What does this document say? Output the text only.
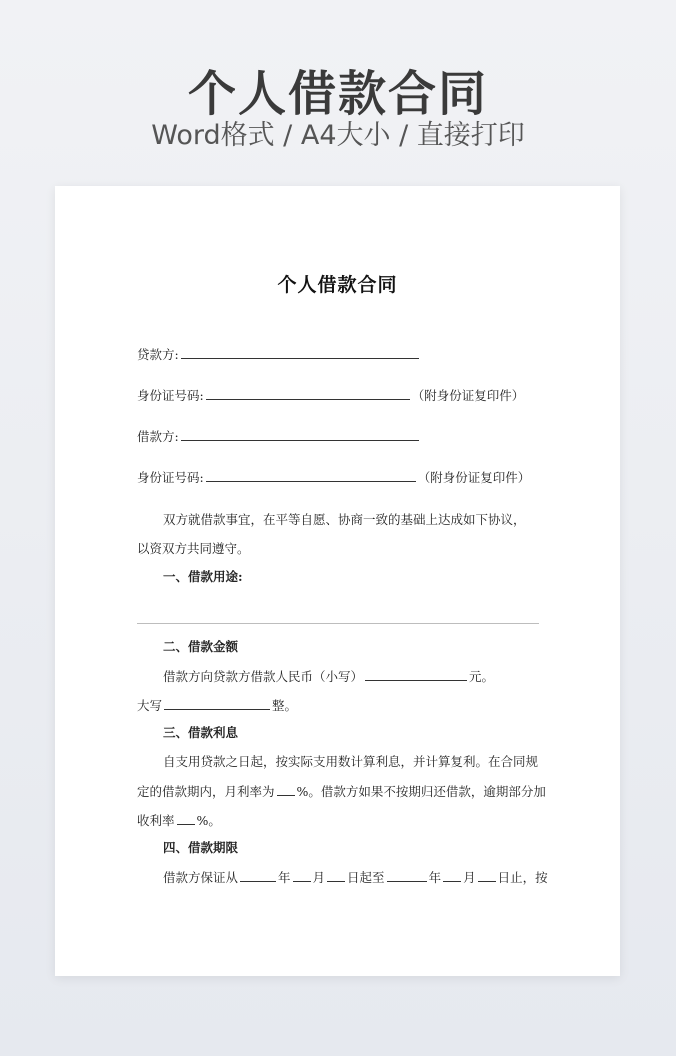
个人借款合同
Word格式 / A4大小 / 直接打印
个人借款合同
贷款方:
身份证号码:	（附身份证复印件）
借款方:
身份证号码:	（附身份证复印件）
双方就借款事宜，在平等自愿、协商一致的基础上达成如下协议，
以资双方共同遵守。
一、借款用途:
二、借款金额
借款方向贷款方借款人民币（小写）	元。
大写	整。
三、借款利息
自支用贷款之日起，按实际支用数计算利息，并计算复利。在合同规
定的借款期内，月利率为 %。借款方如果不按期归还借款，逾期部分加
收利率 %。
四、借款期限
借款方保证从	年 月 日起至	年 月 日止，按
